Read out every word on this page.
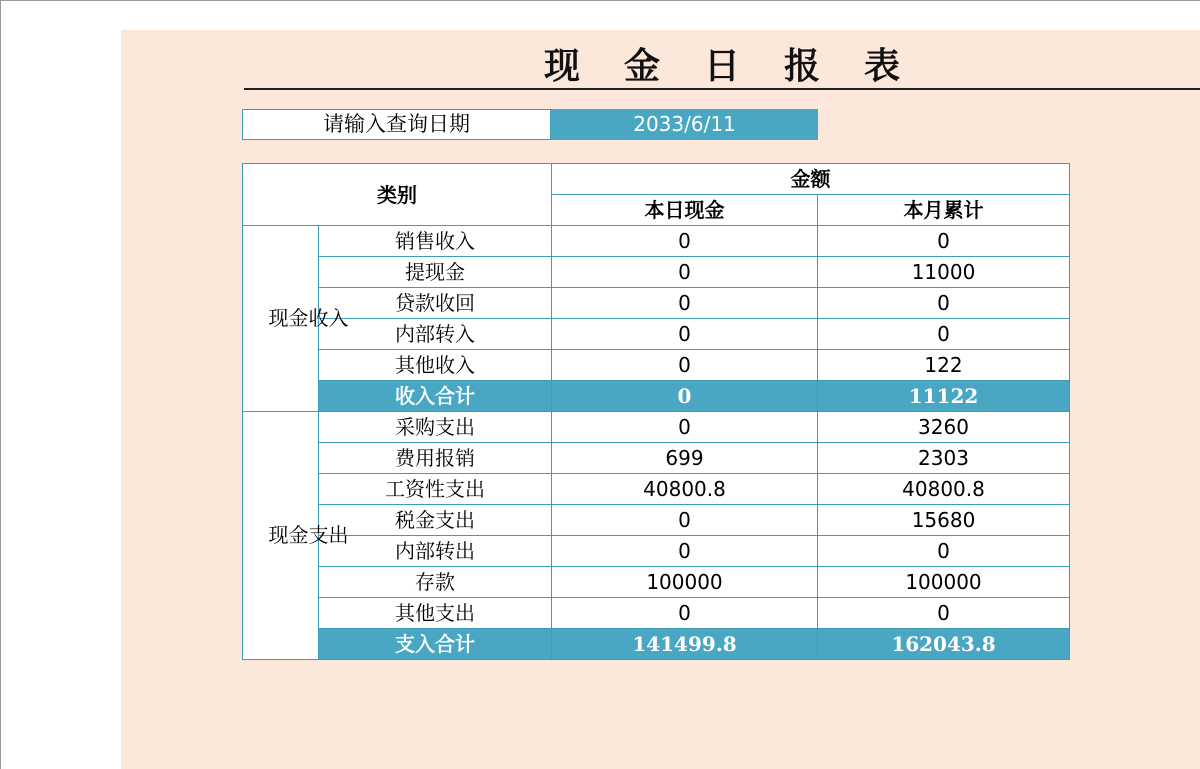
现金日报表
请输入查询日期	2033/6/11
类别		金额	
		本日现金	本月累计
现金收入	销售收入	0	0
	提现金	0	11000
	贷款收回	0	0
	内部转入	0	0
	其他收入	0	122
	收入合计	0	11122
现金支出	采购支出	0	3260
	费用报销	699	2303
	工资性支出	40800.8	40800.8
	税金支出	0	15680
	内部转出	0	0
	存款	100000	100000
	其他支出	0	0
	支入合计	141499.8	162043.8
